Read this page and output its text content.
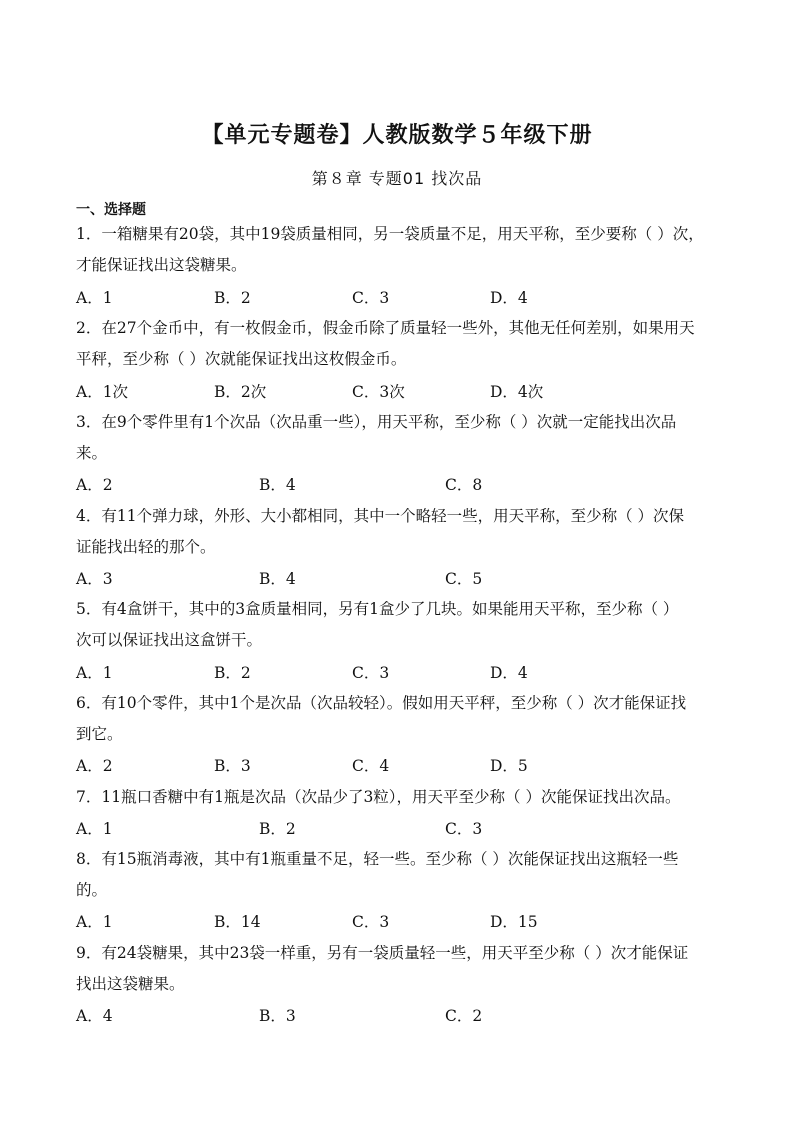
【单元专题卷】人教版数学５年级下册
第８章 专题01 找次品
一、选择题
1．一箱糖果有20袋，其中19袋质量相同，另一袋质量不足，用天平称，至少要称（ ）次，
才能保证找出这袋糖果。
A．1	B．2	C．3	D．4
2．在27个金币中，有一枚假金币，假金币除了质量轻一些外，其他无任何差别，如果用天
平秤，至少称（ ）次就能保证找出这枚假金币。
A．1次	B．2次	C．3次	D．4次
3．在9个零件里有1个次品（次品重一些），用天平称，至少称（ ）次就一定能找出次品
来。
A．2	B．4	C．8
4．有11个弹力球，外形、大小都相同，其中一个略轻一些，用天平称，至少称（ ）次保
证能找出轻的那个。
A．3	B．4	C．5
5．有4盒饼干，其中的3盒质量相同，另有1盒少了几块。如果能用天平称，至少称（ ）
次可以保证找出这盒饼干。
A．1	B．2	C．3	D．4
6．有10个零件，其中1个是次品（次品较轻）。假如用天平秤，至少称（ ）次才能保证找
到它。
A．2	B．3	C．4	D．5
7．11瓶口香糖中有1瓶是次品（次品少了3粒），用天平至少称（ ）次能保证找出次品。
A．1	B．2	C．3
8．有15瓶消毒液，其中有1瓶重量不足，轻一些。至少称（ ）次能保证找出这瓶轻一些
的。
A．1	B．14	C．3	D．15
9．有24袋糖果，其中23袋一样重，另有一袋质量轻一些，用天平至少称（ ）次才能保证
找出这袋糖果。
A．4	B．3	C．2
